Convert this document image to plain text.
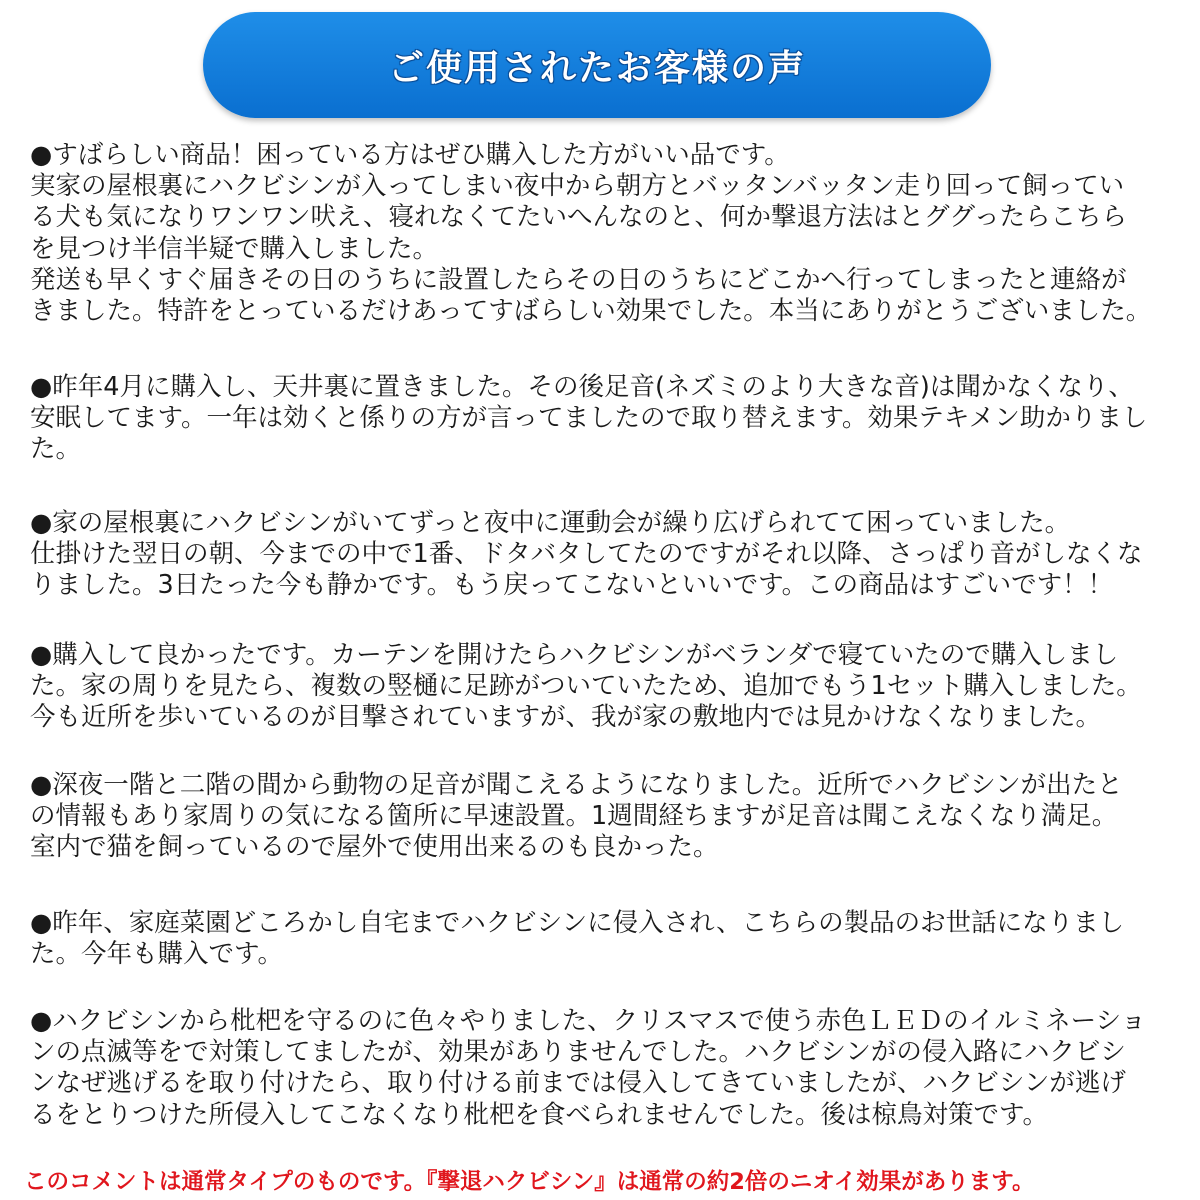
ご使用されたお客様の声

●すばらしい商品！困っている方はぜひ購入した方がいい品です。

実家の屋根裏にハクビシンが入ってしまい夜中から朝方とバッタンバッタン走り回って飼ってい

る犬も気になりワンワン吠え、寝れなくてたいへんなのと、何か撃退方法はとググったらこちら

を見つけ半信半疑で購入しました。

発送も早くすぐ届きその日のうちに設置したらその日のうちにどこかへ行ってしまったと連絡が

きました。特許をとっているだけあってすばらしい効果でした。本当にありがとうございました。

●昨年4月に購入し、天井裏に置きました。その後足音(ネズミのより大きな音)は聞かなくなり、

安眠してます。一年は効くと係りの方が言ってましたので取り替えます。効果テキメン助かりまし

た。

●家の屋根裏にハクビシンがいてずっと夜中に運動会が繰り広げられてて困っていました。

仕掛けた翌日の朝、今までの中で1番、ドタバタしてたのですがそれ以降、さっぱり音がしなくな

りました。3日たった今も静かです。もう戻ってこないといいです。この商品はすごいです！！

●購入して良かったです。カーテンを開けたらハクビシンがベランダで寝ていたので購入しまし

た。家の周りを見たら、複数の竪樋に足跡がついていたため、追加でもう1セット購入しました。

今も近所を歩いているのが目撃されていますが、我が家の敷地内では見かけなくなりました。

●深夜一階と二階の間から動物の足音が聞こえるようになりました。近所でハクビシンが出たと

の情報もあり家周りの気になる箇所に早速設置。1週間経ちますが足音は聞こえなくなり満足。

室内で猫を飼っているので屋外で使用出来るのも良かった。

●昨年、家庭菜園どころかし自宅までハクビシンに侵入され、こちらの製品のお世話になりまし

た。今年も購入です。

●ハクビシンから枇杷を守るのに色々やりました、クリスマスで使う赤色ＬＥＤのイルミネーショ

ンの点滅等をで対策してましたが、効果がありませんでした。ハクビシンがの侵入路にハクビシ

ンなぜ逃げるを取り付けたら、取り付ける前までは侵入してきていましたが、ハクビシンが逃げ

るをとりつけた所侵入してこなくなり枇杷を食べられませんでした。後は椋鳥対策です。

このコメントは通常タイプのものです。『撃退ハクビシン』は通常の約2倍のニオイ効果があります。
